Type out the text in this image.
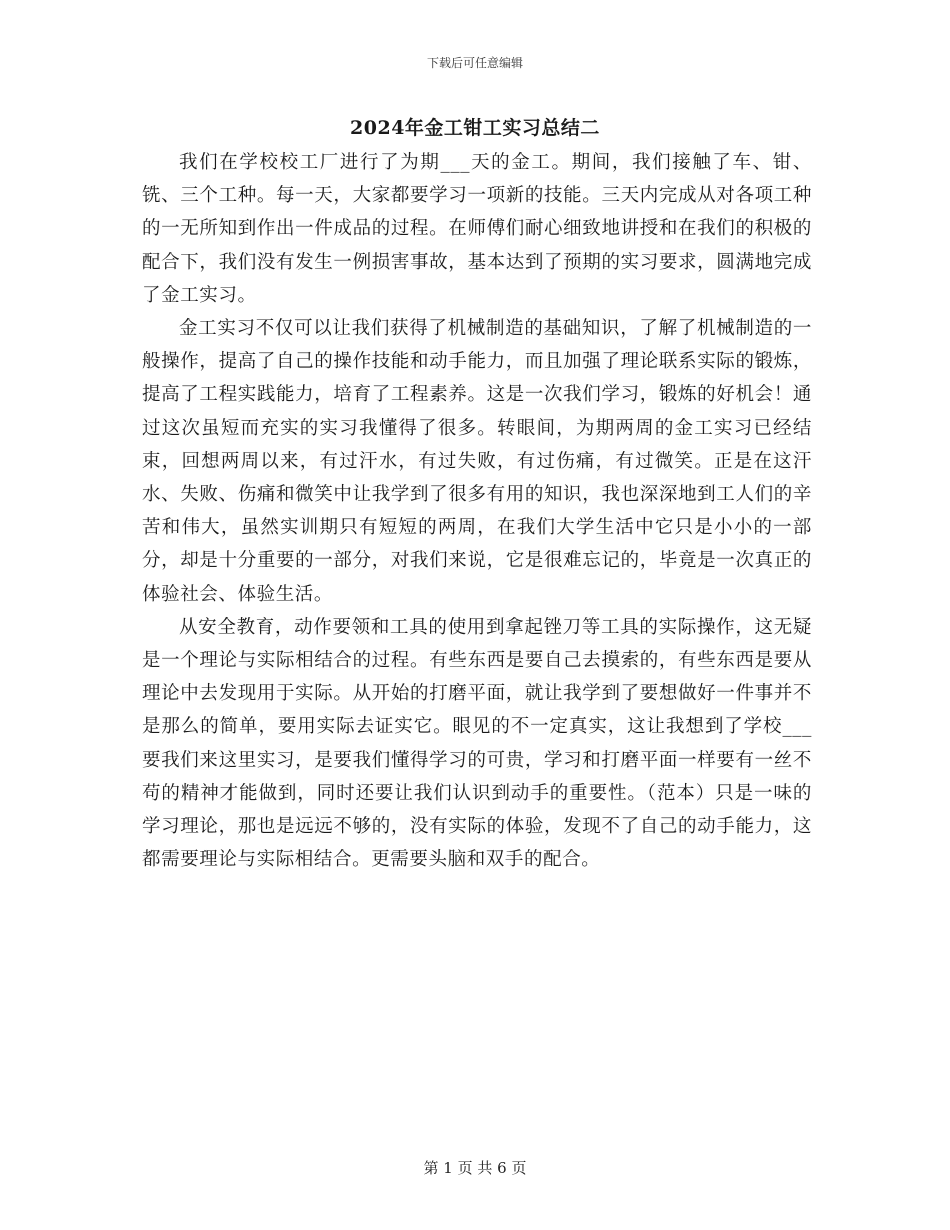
下载后可任意编辑
2024年金工钳工实习总结二

我们在学校校工厂进行了为期___天的金工。期间，我们接触了车、钳、铣、三个工种。每一天，大家都要学习一项新的技能。三天内完成从对各项工种的一无所知到作出一件成品的过程。在师傅们耐心细致地讲授和在我们的积极的配合下，我们没有发生一例损害事故，基本达到了预期的实习要求，圆满地完成了金工实习。

金工实习不仅可以让我们获得了机械制造的基础知识，了解了机械制造的一般操作，提高了自己的操作技能和动手能力，而且加强了理论联系实际的锻炼，提高了工程实践能力，培育了工程素养。这是一次我们学习，锻炼的好机会！通过这次虽短而充实的实习我懂得了很多。转眼间，为期两周的金工实习已经结束，回想两周以来，有过汗水，有过失败，有过伤痛，有过微笑。正是在这汗水、失败、伤痛和微笑中让我学到了很多有用的知识，我也深深地到工人们的辛苦和伟大，虽然实训期只有短短的两周，在我们大学生活中它只是小小的一部分，却是十分重要的一部分，对我们来说，它是很难忘记的，毕竟是一次真正的体验社会、体验生活。

从安全教育，动作要领和工具的使用到拿起锉刀等工具的实际操作，这无疑是一个理论与实际相结合的过程。有些东西是要自己去摸索的，有些东西是要从理论中去发现用于实际。从开始的打磨平面，就让我学到了要想做好一件事并不是那么的简单，要用实际去证实它。眼见的不一定真实，这让我想到了学校___要我们来这里实习，是要我们懂得学习的可贵，学习和打磨平面一样要有一丝不苟的精神才能做到，同时还要让我们认识到动手的重要性。（范本）只是一味的学习理论，那也是远远不够的，没有实际的体验，发现不了自己的动手能力，这都需要理论与实际相结合。更需要头脑和双手的配合。

第 1 页 共 6 页
